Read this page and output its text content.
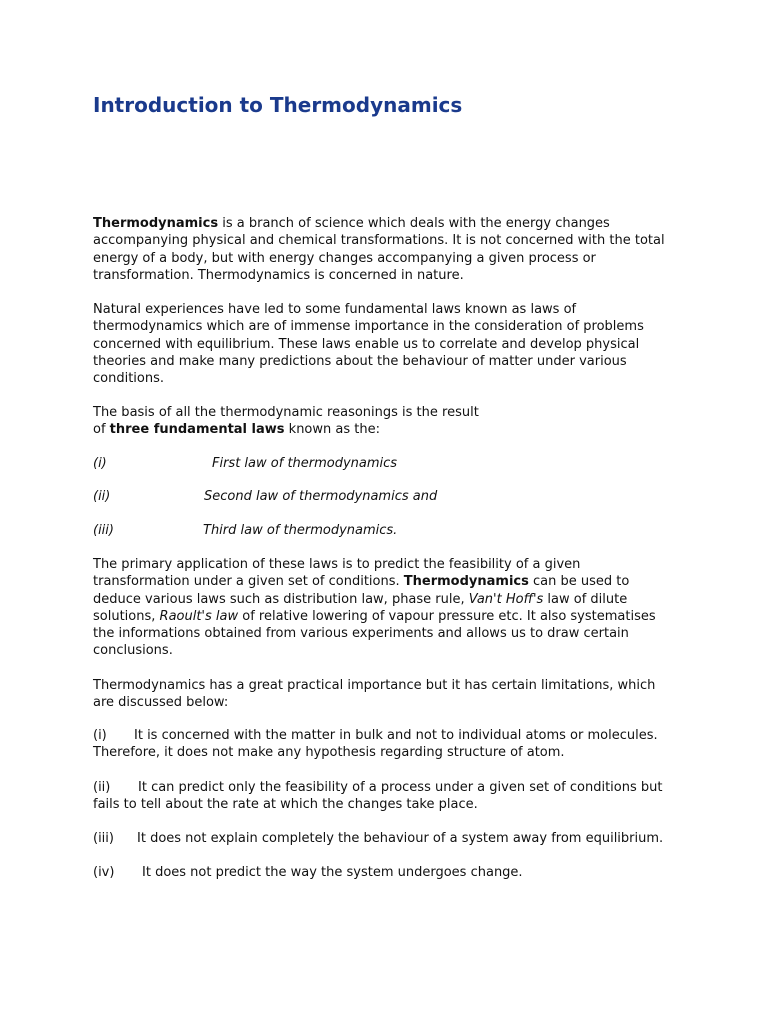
Introduction to Thermodynamics

Thermodynamics is a branch of science which deals with the energy changes accompanying physical and chemical transformations. It is not concerned with the total energy of a body, but with energy changes accompanying a given process or transformation. Thermodynamics is concerned in nature.

Natural experiences have led to some fundamental laws known as laws of thermodynamics which are of immense importance in the consideration of problems concerned with equilibrium. These laws enable us to correlate and develop physical theories and make many predictions about the behaviour of matter under various conditions.

The basis of all the thermodynamic reasonings is the result
of three fundamental laws known as the:

(i)	First law of thermodynamics
(ii)	Second law of thermodynamics and
(iii)	Third law of thermodynamics.

The primary application of these laws is to predict the feasibility of a given transformation under a given set of conditions. Thermodynamics can be used to deduce various laws such as distribution law, phase rule, Van't Hoff's law of dilute solutions, Raoult's law of relative lowering of vapour pressure etc. It also systematises the informations obtained from various experiments and allows us to draw certain conclusions.

Thermodynamics has a great practical importance but it has certain limitations, which are discussed below:

(i) It is concerned with the matter in bulk and not to individual atoms or molecules. Therefore, it does not make any hypothesis regarding structure of atom.

(ii) It can predict only the feasibility of a process under a given set of conditions but fails to tell about the rate at which the changes take place.

(iii) It does not explain completely the behaviour of a system away from equilibrium.

(iv) It does not predict the way the system undergoes change.
